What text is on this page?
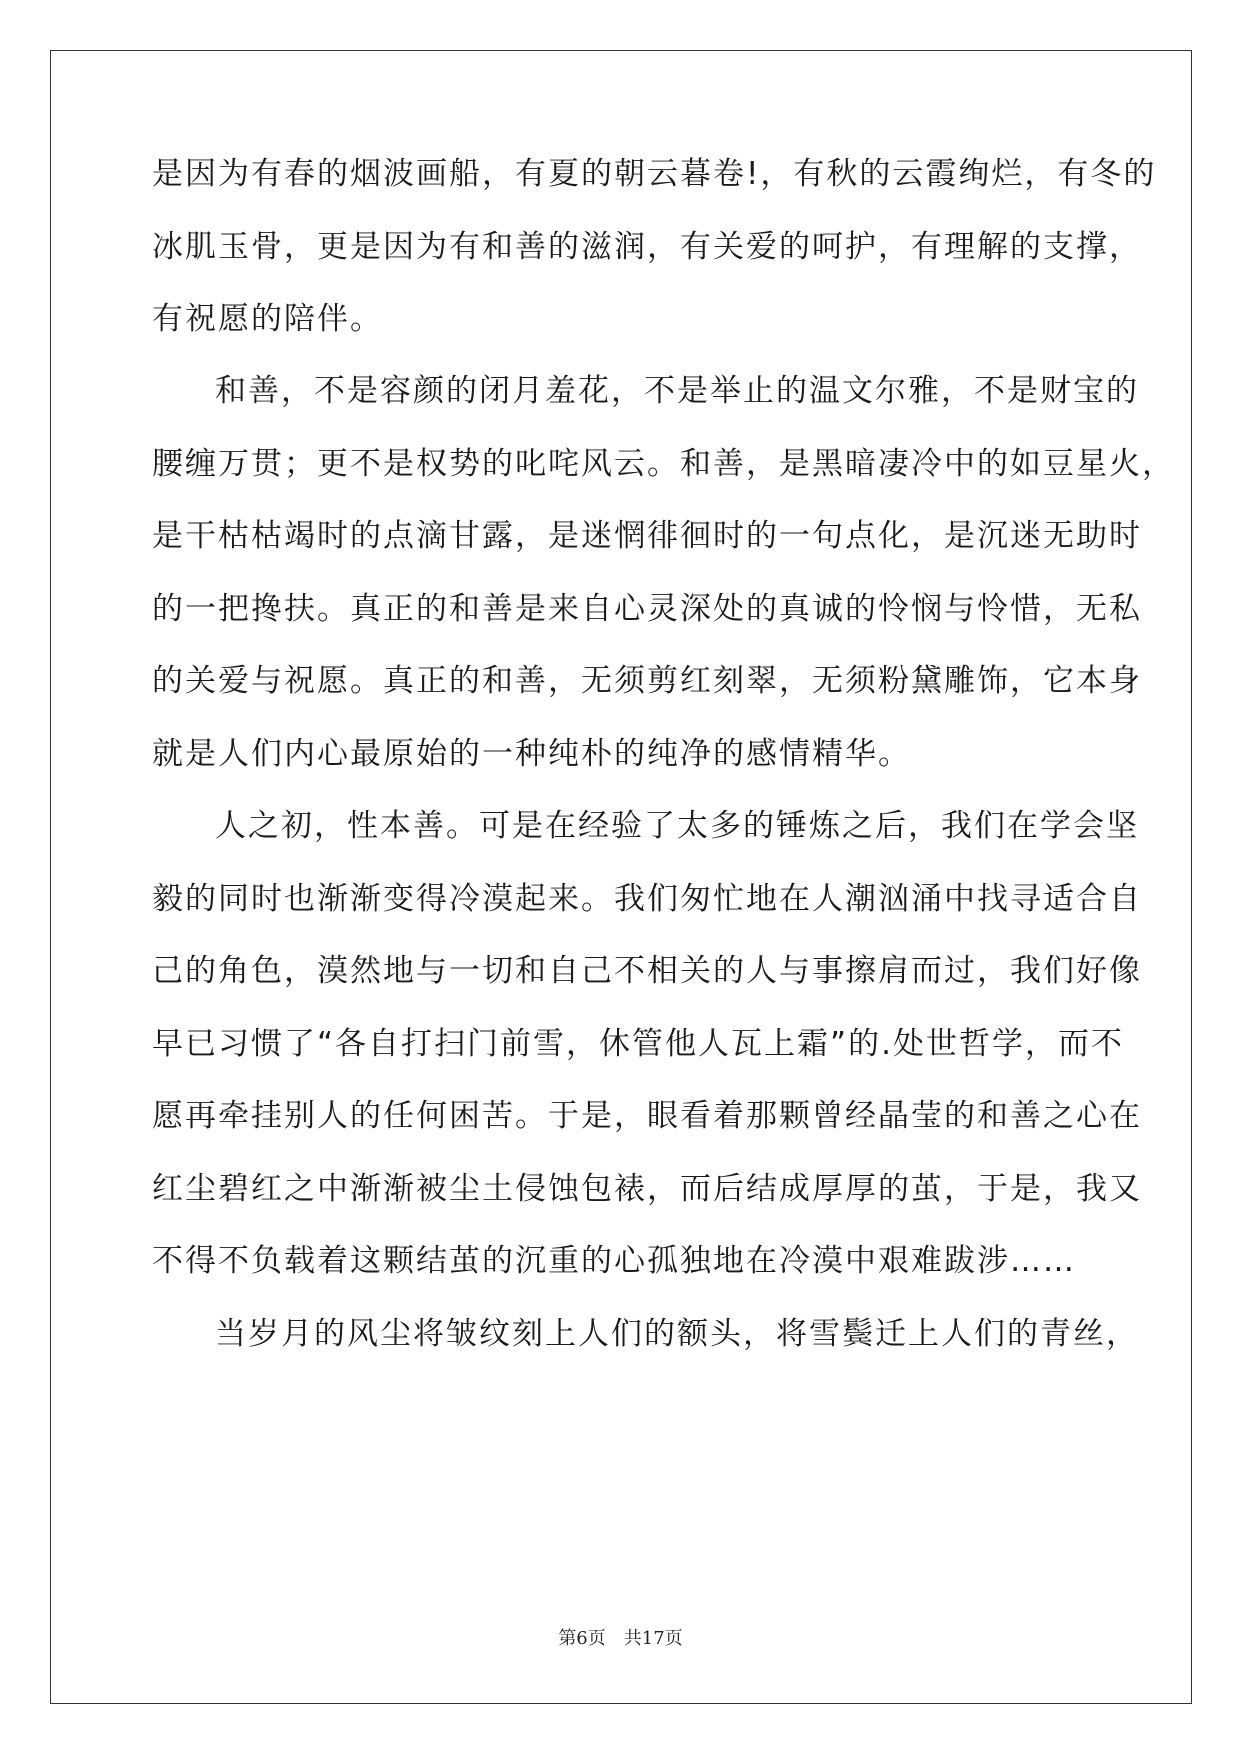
是因为有春的烟波画船，有夏的朝云暮卷!，有秋的云霞绚烂，有冬的
冰肌玉骨，更是因为有和善的滋润，有关爱的呵护，有理解的支撑，
有祝愿的陪伴。
和善，不是容颜的闭月羞花，不是举止的温文尔雅，不是财宝的
腰缠万贯；更不是权势的叱咤风云。和善，是黑暗凄冷中的如豆星火，
是干枯枯竭时的点滴甘露，是迷惘徘徊时的一句点化，是沉迷无助时
的一把搀扶。真正的和善是来自心灵深处的真诚的怜悯与怜惜，无私
的关爱与祝愿。真正的和善，无须剪红刻翠，无须粉黛雕饰，它本身
就是人们内心最原始的一种纯朴的纯净的感情精华。
人之初，性本善。可是在经验了太多的锤炼之后，我们在学会坚
毅的同时也渐渐变得冷漠起来。我们匆忙地在人潮汹涌中找寻适合自
己的角色，漠然地与一切和自己不相关的人与事擦肩而过，我们好像
早已习惯了“各自打扫门前雪，休管他人瓦上霜”的.处世哲学，而不
愿再牵挂别人的任何困苦。于是，眼看着那颗曾经晶莹的和善之心在
红尘碧红之中渐渐被尘土侵蚀包裱，而后结成厚厚的茧，于是，我又
不得不负载着这颗结茧的沉重的心孤独地在冷漠中艰难跋涉……
当岁月的风尘将皱纹刻上人们的额头，将雪鬓迁上人们的青丝，
第6页　共17页
